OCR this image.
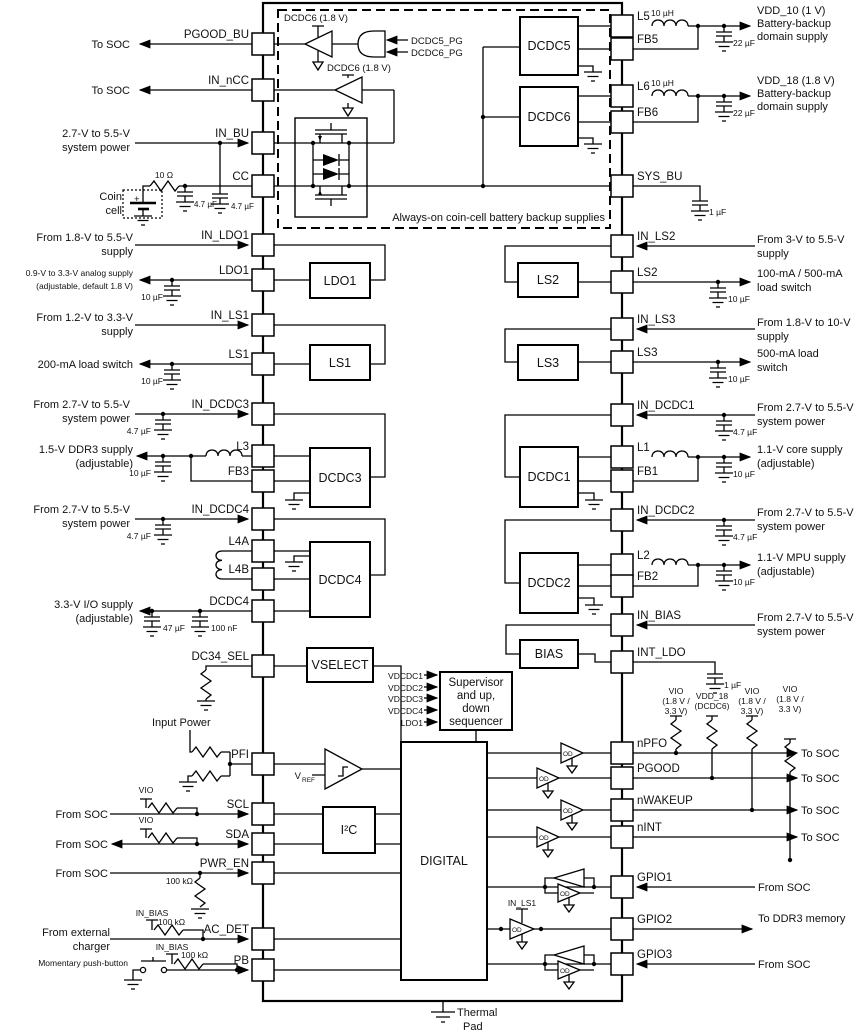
DCDC5
DCDC6
LDO1
LS1
LS2
LS3
DCDC3
DCDC4
DCDC1
DCDC2
BIAS
VSELECT
I²C
DIGITAL
Supervisor
and up,
down
sequencer
PGOOD_BU
IN_nCC
IN_BU
CC
IN_LDO1
LDO1
IN_LS1
LS1
IN_DCDC3
L3
FB3
IN_DCDC4
L4A
L4B
DCDC4
DC34_SEL
PFI
SCL
SDA
PWR_EN
AC_DET
PB
L5
FB5
L6
FB6
SYS_BU
IN_LS2
LS2
IN_LS3
LS3
IN_DCDC1
L1
FB1
IN_DCDC2
L2
FB2
IN_BIAS
INT_LDO
nPFO
PGOOD
nWAKEUP
nINT
GPIO1
GPIO2
GPIO3
To SOC
To SOC
2.7-V to 5.5-V
system power
Coin
cell
+
10 Ω
4.7 µF 4.7 µF
From 1.8-V to 5.5-V
supply
0.9-V to 3.3-V analog supply
(adjustable, default 1.8 V)
10 µF
From 1.2-V to 3.3-V
supply
200-mA load switch
10 µF
From 2.7-V to 5.5-V
system power
4.7 µF
1.5-V DDR3 supply
(adjustable)
10 µF
From 2.7-V to 5.5-V
system power
4.7 µF
3.3-V I/O supply
(adjustable)
47 µF	100 nF
Input Power
VIO
VIO
From SOC
From SOC
From SOC
100 kΩ
IN_BIAS
100 kΩ
From external
charger	IN_BIAS
100 kΩ
Momentary push-button
10 µH	VDD_10 (1 V)
Battery-backup
domain supply
22 µF
10 µH	VDD_18 (1.8 V)
Battery-backup
domain supply
22 µF
1 µF
From 3-V to 5.5-V
supply
100-mA / 500-mA
load switch
10 µF
From 1.8-V to 10-V
supply
500-mA load
switch
10 µF
From 2.7-V to 5.5-V
system power
4.7 µF
1.1-V core supply
(adjustable)
10 µF
From 2.7-V to 5.5-V
system power
4.7 µF
1.1-V MPU supply
(adjustable)
10 µF
From 2.7-V to 5.5-V
system power
1 µF
VIO
(1.8 V /
3.3 V)
VDD_18
(DCDC6)
VIO
(1.8 V /
3.3 V)
VIO
(1.8 V /
3.3 V)
To SOC
To SOC
To SOC
To SOC
From SOC
To DDR3 memory
From SOC
DCDC6 (1.8 V)
DCDC6 (1.8 V)
DCDC5_PG
DCDC6_PG
Always-on coin-cell battery backup supplies
VDCDC1
VDCDC2
VDCDC3
VDCDC4
LDO1
V REF
OD
OD
OD
OD
OD
OD
OD
IN_LS1
Thermal
Pad
